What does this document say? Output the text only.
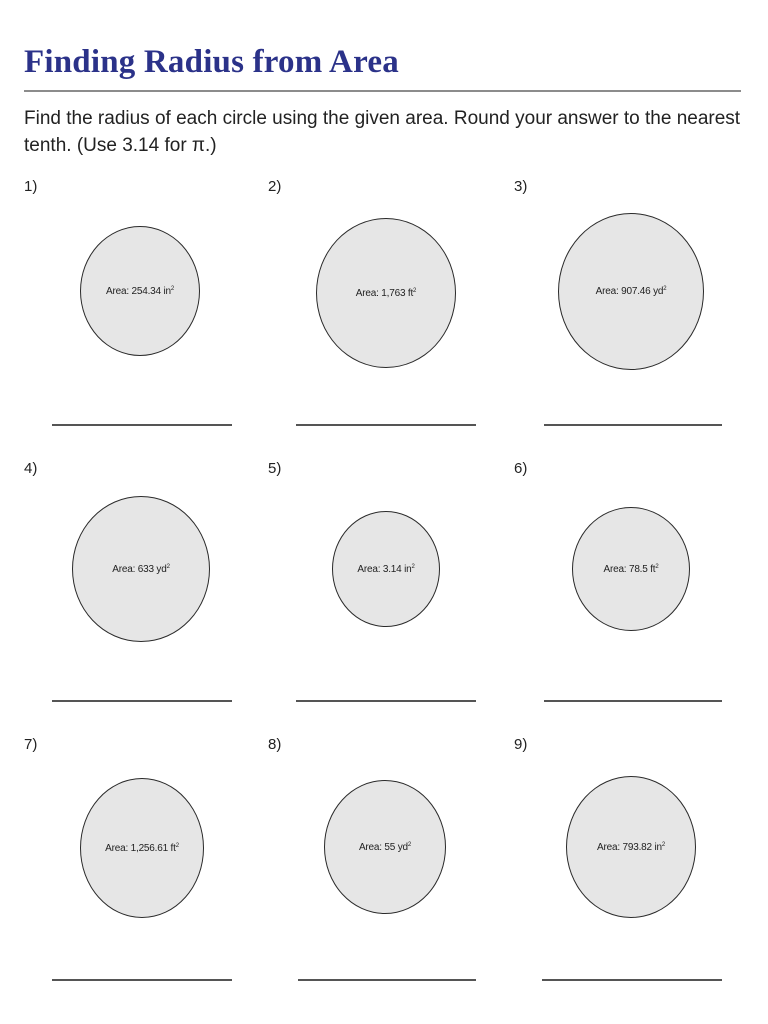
Finding Radius from Area
Find the radius of each circle using the given area. Round your answer to the nearest tenth. (Use 3.14 for π.)
1)
Area: 254.34 $in^2$
2)
Area: 1,763 $ft^2$
3)
Area: 907.46 $yd^2$
4)
Area: 633 $yd^2$
5)
Area: 3.14 $in^2$
6)
Area: 78.5 $ft^2$
7)
Area: 1,256.61 $ft^2$
8)
Area: 55 $yd^2$
9)
Area: 793.82 $in^2$
